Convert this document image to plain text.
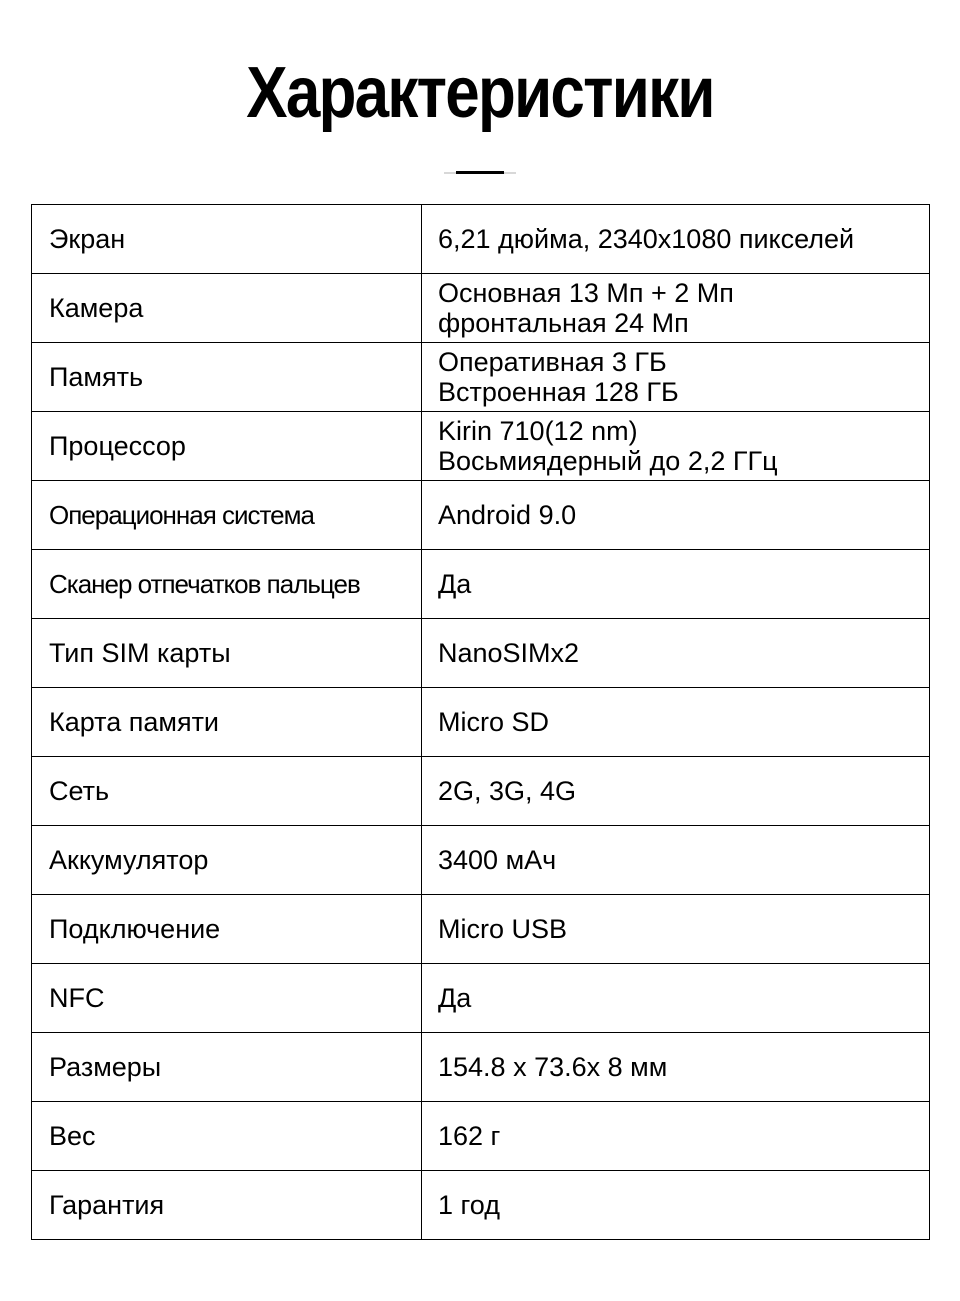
Характеристики
Экран	6,21 дюйма, 2340x1080 пикселей

Камера	Основная 13 Мп + 2 Мп
фронтальная 24 Мп

Память	Оперативная 3 ГБ
Встроенная 128 ГБ

Процессор	Kirin 710(12 nm)
Восьмиядерный до 2,2 ГГц

Операционная система	Android 9.0

Сканер отпечатков пальцев	Да

Тип SIM карты	NanoSIMx2

Карта памяти	Micro SD

Сеть	2G, 3G, 4G

Аккумулятор	3400 мАч

Подключение	Micro USB

NFC	Да

Размеры	154.8 x 73.6x 8 мм

Вес	162 г

Гарантия	1 год
